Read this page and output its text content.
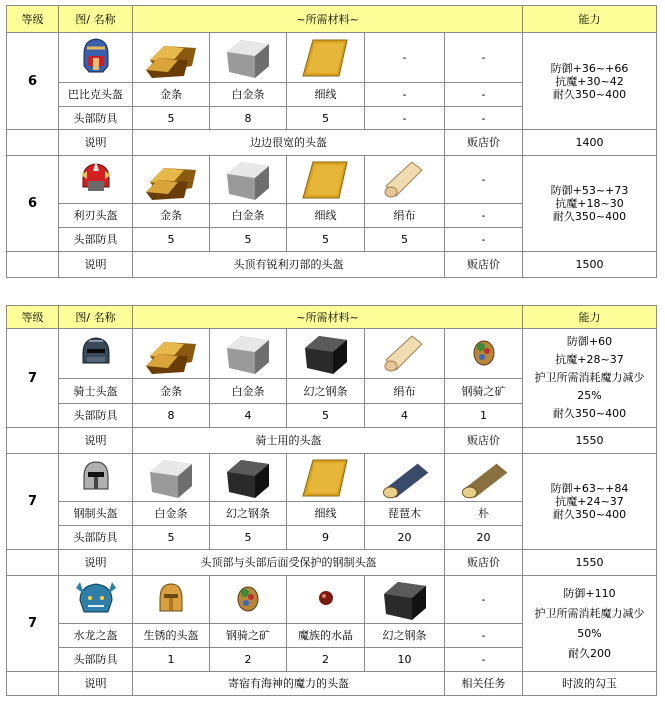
等级	图/ 名称	~所需材料~					能力
6					-	-	防御+36~+66
抗魔+30~42
耐久350~400

	巴比克头盔	金条	白金条	细线	-	-	
	头部防具	5	8	5	-	-	
	说明	边边很宽的头盔				贩店价	1400
6						-	防御+53~+73
抗魔+18~30
耐久350~400

	利刃头盔	金条	白金条	细线	绢布	-	
	头部防具	5	5	5	5	-	
	说明	头顶有锐利刃部的头盔				贩店价	1500
等级	图/ 名称	~所需材料~					能力
7							防御+60
抗魔+28~37
护卫所需消耗魔力减少
25%
耐久350~400

	骑士头盔	金条	白金条	幻之钢条	绢布	钢骑之矿	
	头部防具	8	4	5	4	1	
	说明	骑士用的头盔				贩店价	1550
7							防御+63~+84
抗魔+24~37
耐久350~400

	钢制头盔	白金条	幻之钢条	细线	琵琶木	朴	
	头部防具	5	5	9	20	20	
	说明	头顶部与头部后面受保护的钢制头盔				贩店价	1550
7						-	防御+110
护卫所需消耗魔力减少
50%
耐久200

	水龙之盔	生锈的头盔	钢骑之矿	魔族的水晶	幻之钢条	-	
	头部防具	1	2	2	10	-	
	说明	寄宿有海神的魔力的头盔				相关任务	时波的勾玉
